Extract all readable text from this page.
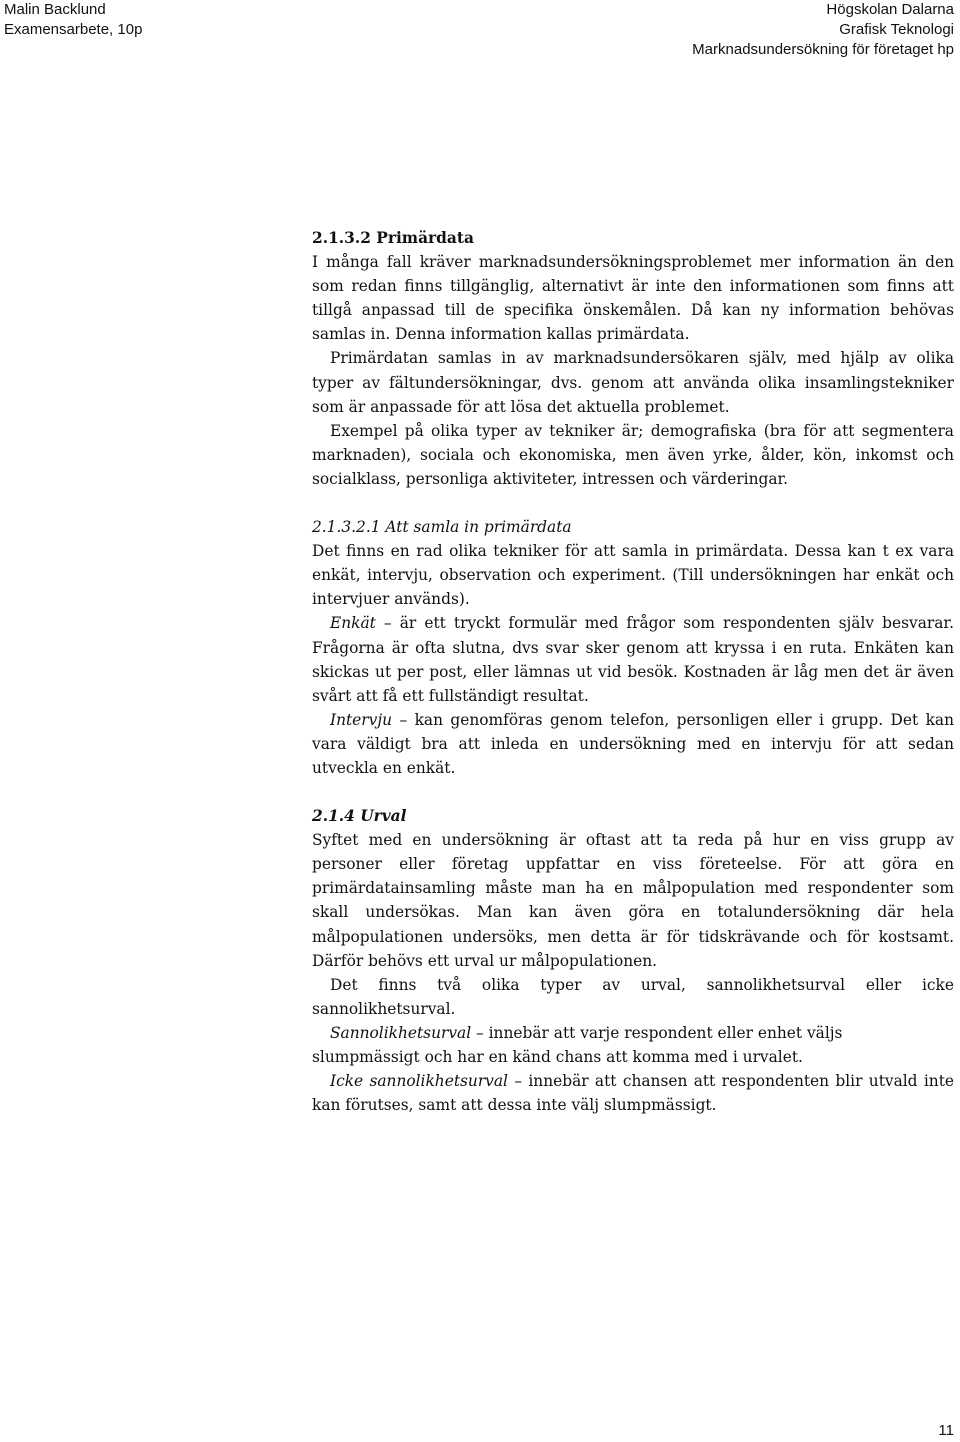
Malin Backlund
Examensarbete, 10p
Högskolan Dalarna
Grafisk Teknologi
Marknadsundersökning för företaget hp
2.1.3.2 Primärdata

I många fall kräver marknadsundersökningsproblemet mer information än den som redan finns tillgänglig, alternativt är inte den informationen som finns att tillgå anpassad till de specifika önskemålen. Då kan ny information behövas samlas in. Denna information kallas primärdata.

Primärdatan samlas in av marknadsundersökaren själv, med hjälp av olika typer av fältundersökningar, dvs. genom att använda olika insamlingstekniker som är anpassade för att lösa det aktuella problemet.

Exempel på olika typer av tekniker är; demografiska (bra för att segmentera marknaden), sociala och ekonomiska, men även yrke, ålder, kön, inkomst och socialklass, personliga aktiviteter, intressen och värderingar.

2.1.3.2.1 Att samla in primärdata

Det finns en rad olika tekniker för att samla in primärdata. Dessa kan t ex vara enkät, intervju, observation och experiment. (Till undersökningen har enkät och intervjuer används).

Enkät – är ett tryckt formulär med frågor som respondenten själv besvarar. Frågorna är ofta slutna, dvs svar sker genom att kryssa i en ruta. Enkäten kan skickas ut per post, eller lämnas ut vid besök. Kostnaden är låg men det är även svårt att få ett fullständigt resultat.

Intervju – kan genomföras genom telefon, personligen eller i grupp. Det kan vara väldigt bra att inleda en undersökning med en intervju för att sedan utveckla en enkät.

2.1.4 Urval

Syftet med en undersökning är oftast att ta reda på hur en viss grupp av personer eller företag uppfattar en viss företeelse. För att göra en primärdatainsamling måste man ha en målpopulation med respondenter som skall undersökas. Man kan även göra en totalundersökning där hela målpopulationen undersöks, men detta är för tidskrävande och för kostsamt. Därför behövs ett urval ur målpopulationen.

Det finns två olika typer av urval, sannolikhetsurval eller icke sannolikhetsurval.

Sannolikhetsurval – innebär att varje respondent eller enhet väljs slumpmässigt och har en känd chans att komma med i urvalet.

Icke sannolikhetsurval – innebär att chansen att respondenten blir utvald inte kan förutses, samt att dessa inte välj slumpmässigt.

11
